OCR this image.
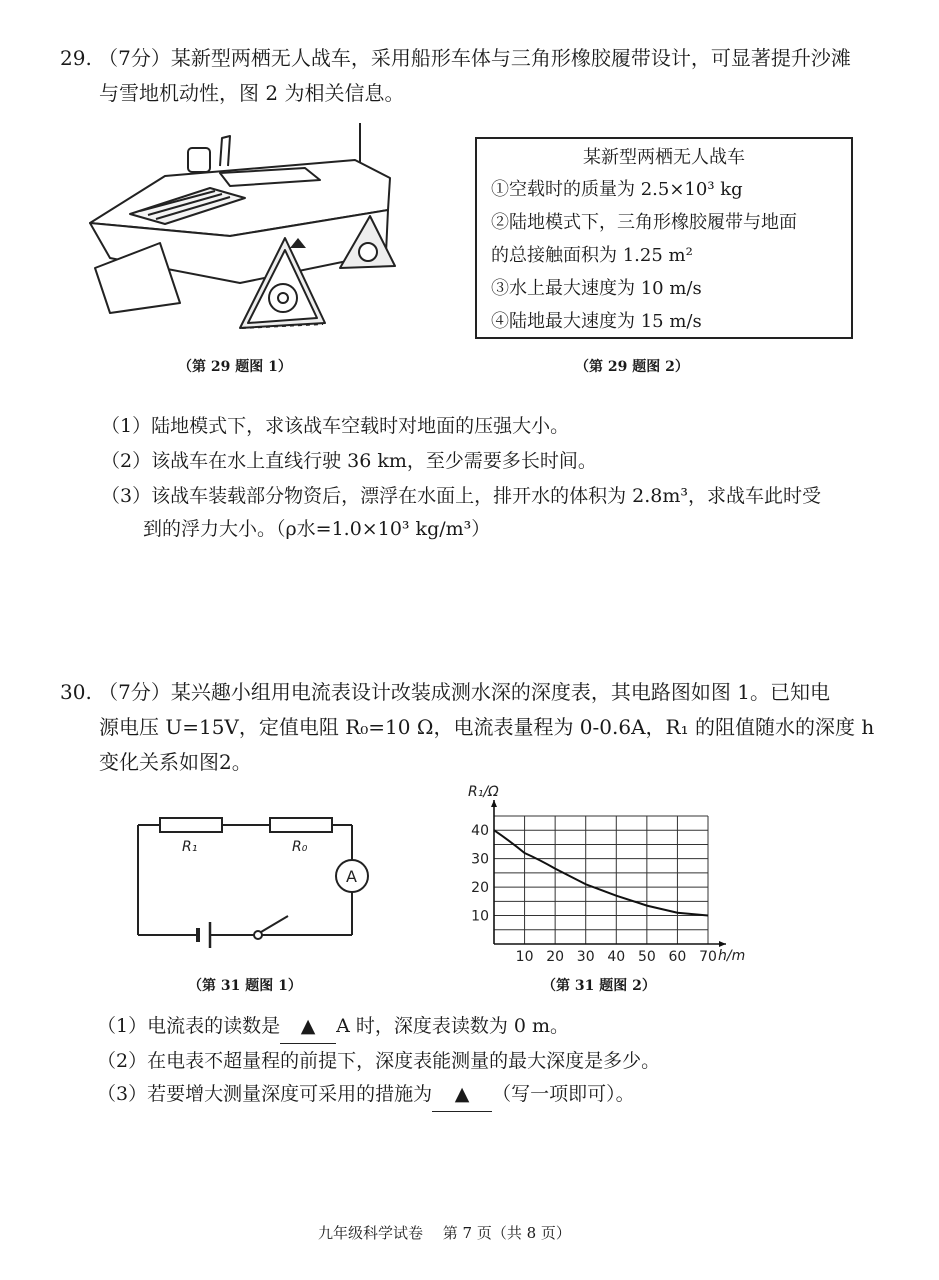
29. （7分）某新型两栖无人战车，采用船形车体与三角形橡胶履带设计，可显著提升沙滩
与雪地机动性，图 2 为相关信息。
（第 29 题图 1）
某新型两栖无人战车
①空载时的质量为 2.5×10³ kg
②陆地模式下，三角形橡胶履带与地面
的总接触面积为 1.25 m²
③水上最大速度为 10 m/s
④陆地最大速度为 15 m/s
（第 29 题图 2）
（1）陆地模式下，求该战车空载时对地面的压强大小。
（2）该战车在水上直线行驶 36 km，至少需要多长时间。
（3）该战车装载部分物资后，漂浮在水面上，排开水的体积为 2.8m³，求战车此时受
到的浮力大小。（ρ水=1.0×10³ kg/m³）
30. （7分）某兴趣小组用电流表设计改装成测水深的深度表，其电路图如图 1。已知电
源电压 U=15V，定值电阻 R₀=10 Ω，电流表量程为 0-0.6A，R₁ 的阻值随水的深度 h
变化关系如图2。
R₁	R₀
A
（第 31 题图 1）
R₁/Ω
h/m
10 20 30 40 50 60 70
10
20
30
40
（第 31 题图 2）
（1）电流表的读数是 ▲ A 时，深度表读数为 0 m。
（2）在电表不超量程的前提下，深度表能测量的最大深度是多少。
（3）若要增大测量深度可采用的措施为 ▲ （写一项即可）。
九年级科学试卷　 第 7 页（共 8 页）
